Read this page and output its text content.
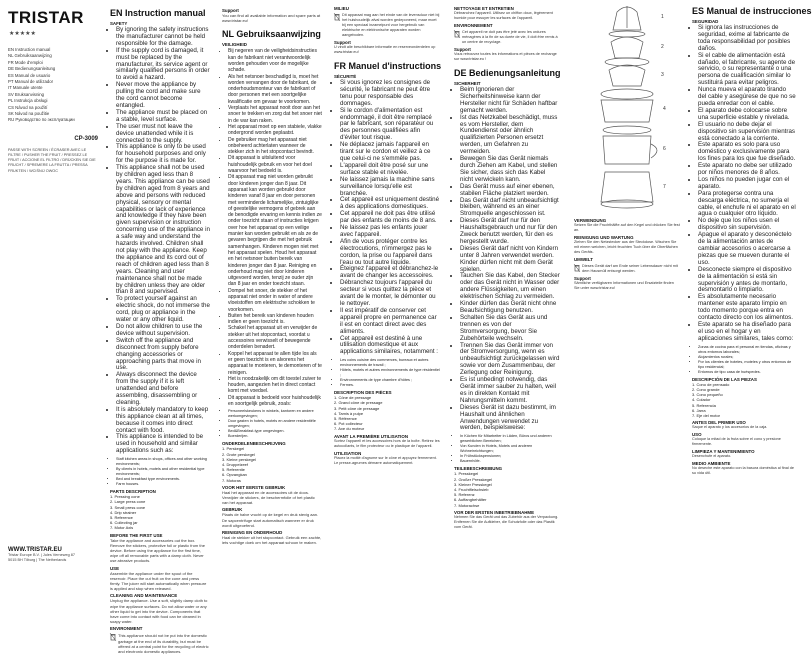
TRISTAR
★★★★★
EN Instruction manual
NL Gebruiksaanwijzing
FR Mode d'emploi
DE Bedienungsanleitung
ES Manual de usuario
PT Manual de utilizador
IT Manuale utente
SV Bruksanvisning
PL Instrukcja obsługi
CS Návod na použití
SK Návod na použitie
RU Руководство по эксплуатации
CP-3009
PASSE WITH SCREEN / ÉCRASER AVEC LE FILTRE / PUSHER THE FRUIT / PRESSEZ LE FRUIT / ACCIONE EL FILTRO / DRÜCKEN SIE DIE FRUCHT / SPREMERE LA FRUTTA / PRESSA FRUKTEN / WCIŚNIJ OWOC
WWW.TRISTAR.EU
Tristar Europe B.V. | Jules Verneweg 87
5015 BH Tilburg | The Netherlands
EN Instruction manual
SAFETY
• By ignoring the safety instructions the manufacturer cannot be held responsible for the damage.
• If the supply cord is damaged, it must be replaced by the manufacturer, its service agent or similarly qualified persons in order to avoid a hazard.
• Never move the appliance by pulling the cord and make sure the cord cannot become entangled.
• The appliance must be placed on a stable, level surface.
• The user must not leave the device unattended while it is connected to the supply.
• This appliance is only to be used for household purposes and only for the purpose it is made for.
• This appliance shall not be used by children aged less than 8 years. This appliance can be used by children aged from 8 years and above and persons with reduced physical, sensory or mental capabilities or lack of experience and knowledge if they have been given supervision or instruction concerning use of the appliance in a safe way and understand the hazards involved. Children shall not play with the appliance. Keep the appliance and its cord out of reach of children aged less than 8 years. Cleaning and user maintenance shall not be made by children unless they are older than 8 and supervised.
• To protect yourself against an electric shock, do not immerse the cord, plug or appliance in the water or any other liquid.
• Do not allow children to use the device without supervision.
• Switch off the appliance and disconnect from supply before changing accessories or approaching parts that move in use.
• Always disconnect the device from the supply if it is left unattended and before assembling, disassembling or cleaning.
• It is absolutely mandatory to keep this appliance clean at all times, because it comes into direct contact with food.
• This appliance is intended to be used in household and similar applications such as:
• Staff kitchen areas in shops, offices and other working environments;
• By clients in hotels, motels and other residential type environments;
• Bed and breakfast type environments.
• Farm houses.
PARTS DESCRIPTION
1. Pressing cone
2. Large press cone
3. Small press cone
4. Drip strainer
5. Reference
6. Collecting jar
7. Motor Axis
BEFORE THE FIRST USE
Take the appliance and accessories out the box. Remove the stickers, protective foil or plastic from the device. Before using the appliance for the first time, wipe off all removable parts with a damp cloth. Never use abrasive products.
USE
Assemble the appliance under the spout of the reservoir. Place the cut fruit on the cone and press firmly. The juicer will start automatically when pressure is applied and stop when released.
CLEANING AND MAINTENANCE
Unplug the appliance. Use a soft, slightly damp cloth to wipe the appliance surfaces. Do not allow water or any other liquid to get into the device. Components that have come into contact with food can be cleaned in soapy water.
ENVIRONMENT
This appliance should not be put into the domestic garbage at the end of its durability, but must be offered at a central point for the recycling of electric and electronic domestic appliances.
Support
You can find all available information and spare parts at www.tristar.eu!
NL Gebruiksaanwijzing
VEILIGHEID
• Bij negeren van de veiligheidsinstructies kan de fabrikant niet verantwoordelijk worden gehouden voor de mogelijke schade.
• Als het netsnoer beschadigd is, moet het worden vervangen door de fabrikant, de onderhoudsmonteur van de fabrikant of door personen met een soortgelijke kwalificatie om gevaar te voorkomen.
• Verplaats het apparaat nooit door aan het snoer te trekken en zorg dat het snoer niet in de war kan raken.
• Het apparaat moet op een stabiele, vlakke ondergrond worden geplaatst.
• De gebruiker mag het apparaat niet onbeheerd achterlaten wanneer de stekker zich in het stopcontact bevindt.
• Dit apparaat is uitsluitend voor huishoudelijk gebruik en voor het doel waarvoor het bedoeld is.
• Dit apparaat mag niet worden gebruikt door kinderen jonger dan 8 jaar. Dit apparaat kan worden gebruikt door kinderen vanaf 8 jaar en door personen met verminderde lichamelijke, zintuiglijke of geestelijke vermogens of gebrek aan de benodigde ervaring en kennis indien ze onder toezicht staan of instructies krijgen over hoe het apparaat op een veilige manier kan worden gebruikt en als ze de gevaren begrijpen die met het gebruik samenhangen. Kinderen mogen niet met het apparaat spelen. Houd het apparaat en het netsnoer buiten bereik van kinderen jonger dan 8 jaar. Reiniging en onderhoud mag niet door kinderen uitgevoerd worden, tenzij ze ouder zijn dan 8 jaar en onder toezicht staan.
• Dompel het snoer, de stekker of het apparaat niet onder in water of andere vloeistoffen om elektrische schokken te voorkomen.
• Buiten het bereik van kinderen houden indien er geen toezicht is.
• Schakel het apparaat uit en verwijder de stekker uit het stopcontact, voordat u accessoires verwisselt of bewegende onderdelen benadert.
• Koppel het apparaat te allen tijde los als er geen toezicht is en alvorens het apparaat te monteren, te demonteren of te reinigen.
• Het is noodzakelijk om dit toestel zuiver te houden, aangezien het in direct contact komt met voedsel.
• Dit apparaat is bedoeld voor huishoudelijk en soortgelijk gebruik, zoals:
• Personeelskeukens in winkels, kantoren en andere werkomgevingen;
• Door gasten in hotels, motels en andere residentiële omgevingen;
• Bed&Breakfast-type omgevingen.
• Boerderijen.
ONDERDELENBESCHRIJVING
1. Perskegel
2. Grote perskegel
3. Kleine perskegel
4. Druppelzeef
5. Referentie
6. Opvangkan
7. Motoras
VOOR HET EERSTE GEBRUIK
Haal het apparaat en de accessoires uit de doos. Verwijder de stickers, de beschermfolie of het plastic van het apparaat.
GEBRUIK
Plaats de halve vrucht op de kegel en druk stevig aan. De sapcentrifuge start automatisch wanneer er druk wordt uitgeoefend.
REINIGING EN ONDERHOUD
Haal de stekker uit het stopcontact. Gebruik een zachte, iets vochtige doek om het apparaat schoon te maken.
MILIEU
Dit apparaat mag aan het einde van de levensduur niet bij het huishoudelijk afval worden gedeponeerd, maar moet bij een speciaal inzamelpunt voor hergebruik van elektrische en elektronische apparaten worden aangeboden.
Support
U vindt alle beschikbare informatie en reserveonderdelen op www.tristar.eu!
FR Manuel d'instructions
SÉCURITÉ
• Si vous ignorez les consignes de sécurité, le fabricant ne peut être tenu pour responsable des dommages.
• Si le cordon d'alimentation est endommagé, il doit être remplacé par le fabricant, son réparateur ou des personnes qualifiées afin d'éviter tout risque.
• Ne déplacez jamais l'appareil en tirant sur le cordon et veillez à ce que celui-ci ne s'emmêle pas.
• L'appareil doit être posé sur une surface stable et nivelée.
• Ne laissez jamais la machine sans surveillance lorsqu'elle est branchée.
• Cet appareil est uniquement destiné à des applications domestiques.
• Cet appareil ne doit pas être utilisé par des enfants de moins de 8 ans.
• Ne laissez pas les enfants jouer avec l'appareil.
• Afin de vous protéger contre les électrocutions, n'immergez pas le cordon, la prise ou l'appareil dans l'eau ou tout autre liquide.
• Éteignez l'appareil et débranchez-le avant de changer les accessoires.
• Débranchez toujours l'appareil du secteur si vous quittez la pièce et avant de le monter, le démonter ou le nettoyer.
• Il est impératif de conserver cet appareil propre en permanence car il est en contact direct avec des aliments.
• Cet appareil est destiné à une utilisation domestique et aux applications similaires, notamment :
• Les coins cuisine des commerces, bureaux et autres environnements de travail ;
• Hôtels, motels et autres environnements de type résidentiel ;
• Environnements de type chambre d'hôtes ;
• Fermes.
DESCRIPTION DES PIÈCES
1. Cône de pressage
2. Grand cône de pressage
3. Petit cône de pressage
4. Tamis à pulpe
5. Référence
6. Pot collecteur
7. Axe du moteur
AVANT LA PREMIÈRE UTILISATION
Sortez l'appareil et les accessoires hors de la boîte. Retirez les autocollants, le film protecteur ou le plastique de l'appareil.
UTILISATION
Placez la moitié d'agrume sur le cône et appuyez fermement. Le presse-agrumes démarre automatiquement.
NETTOYAGE ET ENTRETIEN
Débranchez l'appareil. Utilisez un chiffon doux, légèrement humide pour essuyer les surfaces de l'appareil.
ENVIRONNEMENT
Cet appareil ne doit pas être jeté avec les ordures ménagères à la fin de sa durée de vie, il doit être remis à un centre de recyclage.
Support
Vous retrouvez toutes les informations et pièces de rechange sur www.tristar.eu !
DE Bedienungsanleitung
SICHERHEIT
• Beim Ignorieren der Sicherheitshinweise kann der Hersteller nicht für Schäden haftbar gemacht werden.
• Ist das Netzkabel beschädigt, muss es vom Hersteller, dem Kundendienst oder ähnlich qualifizierten Personen ersetzt werden, um Gefahren zu vermeiden.
• Bewegen Sie das Gerät niemals durch Ziehen am Kabel, und stellen Sie sicher, dass sich das Kabel nicht verwickeln kann.
• Das Gerät muss auf einer ebenen, stabilen Fläche platziert werden.
• Das Gerät darf nicht unbeaufsichtigt bleiben, während es an einer Stromquelle angeschlossen ist.
• Dieses Gerät darf nur für den Haushaltsgebrauch und nur für den Zweck benutzt werden, für den es hergestellt wurde.
• Dieses Gerät darf nicht von Kindern unter 8 Jahren verwendet werden. Kinder dürfen nicht mit dem Gerät spielen.
• Tauchen Sie das Kabel, den Stecker oder das Gerät nicht in Wasser oder andere Flüssigkeiten, um einen elektrischen Schlag zu vermeiden.
• Kinder dürfen das Gerät nicht ohne Beaufsichtigung benutzen.
• Schalten Sie das Gerät aus und trennen es von der Stromversorgung, bevor Sie Zubehörteile wechseln.
• Trennen Sie das Gerät immer von der Stromversorgung, wenn es unbeaufsichtigt zurückgelassen wird sowie vor dem Zusammenbau, der Zerlegung oder Reinigung.
• Es ist unbedingt notwendig, das Gerät immer sauber zu halten, weil es in direkten Kontakt mit Nahrungsmitteln kommt.
• Dieses Gerät ist dazu bestimmt, im Haushalt und ähnlichen Anwendungen verwendet zu werden, beispielsweise:
• In Küchen für Mitarbeiter in Läden, Büros und anderen gewerblichen Bereichen;
• Von Kunden in Hotels, Motels und anderen Wohneinrichtungen;
• In Frühstückspensionen;
• Bauernhöfe.
TEILEBESCHREIBUNG
1. Presskegel
2. Großer Presskegel
3. Kleiner Presskegel
4. Fruchtfleischsieb
5. Referenz
6. Auffangbehälter
7. Motorachse
VOR DER ERSTEN INBETRIEBNAHME
Nehmen Sie das Gerät und das Zubehör aus der Verpackung. Entfernen Sie die Aufkleber, die Schutzfolie oder das Plastik vom Gerät.
1
2
3
4
6
7
VERWENDUNG
Setzen Sie die Fruchthälfte auf den Kegel und drücken Sie fest an.
REINIGUNG UND WARTUNG
Ziehen Sie den Netzstecker aus der Steckdose. Wischen Sie mit einem weichen, leicht feuchten Tuch über die Oberflächen des Geräts.
UMWELT
Dieses Gerät darf am Ende seiner Lebensdauer nicht mit dem Hausmüll entsorgt werden.
Support
Sämtliche verfügbaren Informationen und Ersatzteile finden Sie unter www.tristar.eu!
ES Manual de instrucciones
SEGURIDAD
• Si ignora las instrucciones de seguridad, exime al fabricante de toda responsabilidad por posibles daños.
• Si el cable de alimentación está dañado, el fabricante, su agente de servicio, o su representante o una persona de cualificación similar lo sustituirá para evitar peligros.
• Nunca mueva el aparato tirando del cable y asegúrese de que no se pueda enredar con el cable.
• El aparato debe colocarse sobre una superficie estable y nivelada.
• El usuario no debe dejar el dispositivo sin supervisión mientras está conectado a la corriente.
• Este aparato es solo para uso doméstico y exclusivamente para los fines para los que fue diseñado.
• Este aparato no debe ser utilizado por niños menores de 8 años.
• Los niños no pueden jugar con el aparato.
• Para protegerse contra una descarga eléctrica, no sumerja el cable, el enchufe ni el aparato en el agua o cualquier otro líquido.
• No deje que los niños usen el dispositivo sin supervisión.
• Apague el aparato y desconéctelo de la alimentación antes de cambiar accesorios o acercarse a piezas que se mueven durante el uso.
• Desconecte siempre el dispositivo de la alimentación si está sin supervisión y antes de montarlo, desmontarlo o limpiarlo.
• Es absolutamente necesario mantener este aparato limpio en todo momento porque entra en contacto directo con los alimentos.
• Este aparato se ha diseñado para el uso en el hogar y en aplicaciones similares, tales como:
• Zonas de cocina para el personal en tiendas, oficinas y otros entornos laborales;
• Alojamientos rurales;
• Por los clientes de hoteles, moteles y otros entornos de tipo residencial;
• Entornos de tipo casa de huéspedes.
DESCRIPCIÓN DE LAS PIEZAS
1. Cono de prensado
2. Cono grande
3. Cono pequeño
4. Colador
5. Referencia
6. Jarra
7. Eje del motor
ANTES DEL PRIMER USO
Saque el aparato y los accesorios de la caja.
USO
Coloque la mitad de la fruta sobre el cono y presione firmemente.
LIMPIEZA Y MANTENIMIENTO
Desenchufe el aparato.
MEDIO AMBIENTE
No deseche este aparato con la basura doméstica al final de su vida útil.
